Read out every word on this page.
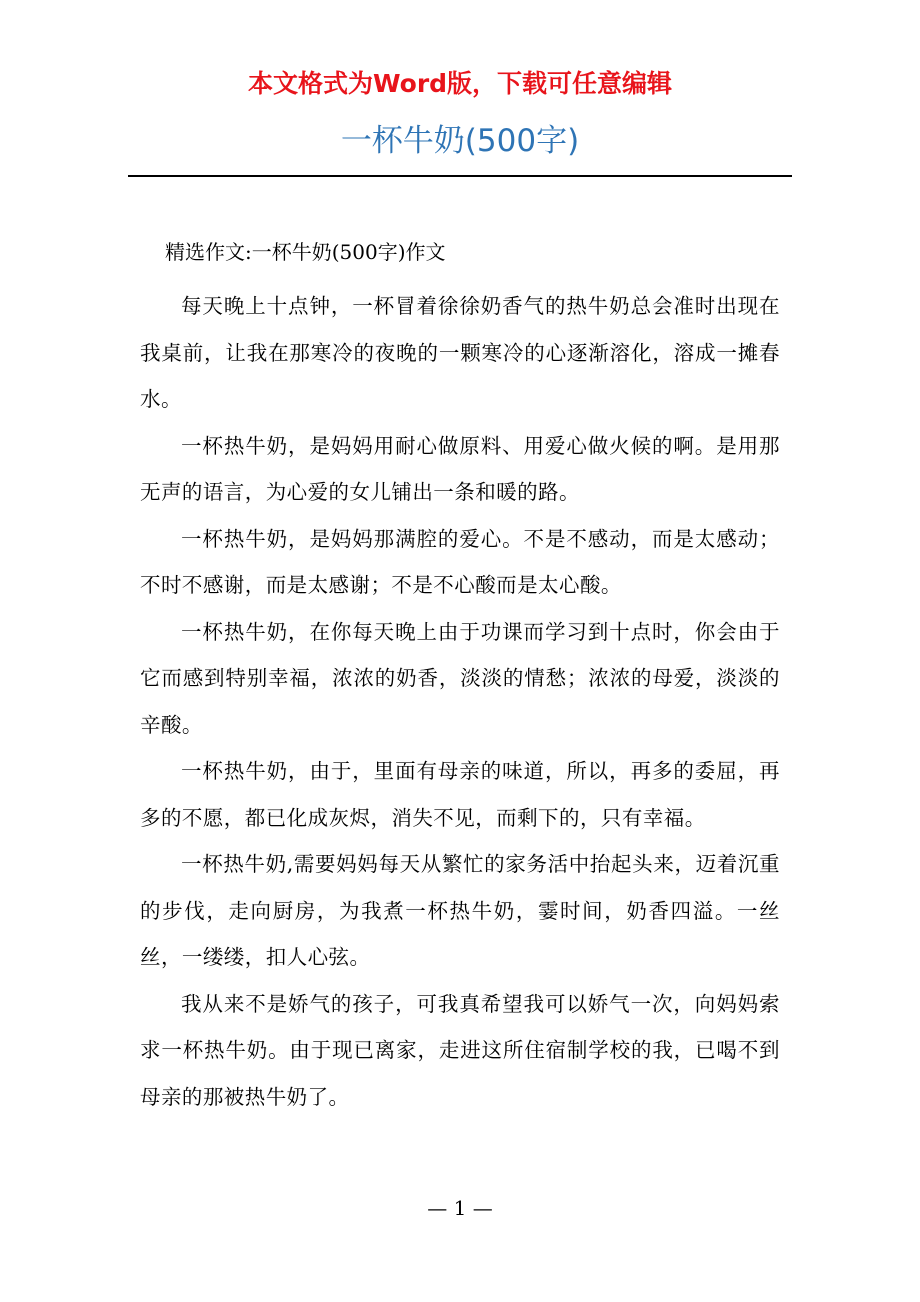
本文格式为Word版，下载可任意编辑
一杯牛奶(500字)
精选作文:一杯牛奶(500字)作文

每天晚上十点钟，一杯冒着徐徐奶香气的热牛奶总会准时出现在我桌前，让我在那寒冷的夜晚的一颗寒冷的心逐渐溶化，溶成一摊春水。

一杯热牛奶，是妈妈用耐心做原料、用爱心做火候的啊。是用那无声的语言，为心爱的女儿铺出一条和暖的路。

一杯热牛奶，是妈妈那满腔的爱心。不是不感动，而是太感动；不时不感谢，而是太感谢；不是不心酸而是太心酸。

一杯热牛奶，在你每天晚上由于功课而学习到十点时，你会由于它而感到特别幸福，浓浓的奶香，淡淡的情愁；浓浓的母爱，淡淡的辛酸。

一杯热牛奶，由于，里面有母亲的味道，所以，再多的委屈，再多的不愿，都已化成灰烬，消失不见，而剩下的，只有幸福。

一杯热牛奶,需要妈妈每天从繁忙的家务活中抬起头来，迈着沉重的步伐，走向厨房，为我煮一杯热牛奶，霎时间，奶香四溢。一丝丝，一缕缕，扣人心弦。

我从来不是娇气的孩子，可我真希望我可以娇气一次，向妈妈索求一杯热牛奶。由于现已离家，走进这所住宿制学校的我，已喝不到母亲的那被热牛奶了。

— 1 —
